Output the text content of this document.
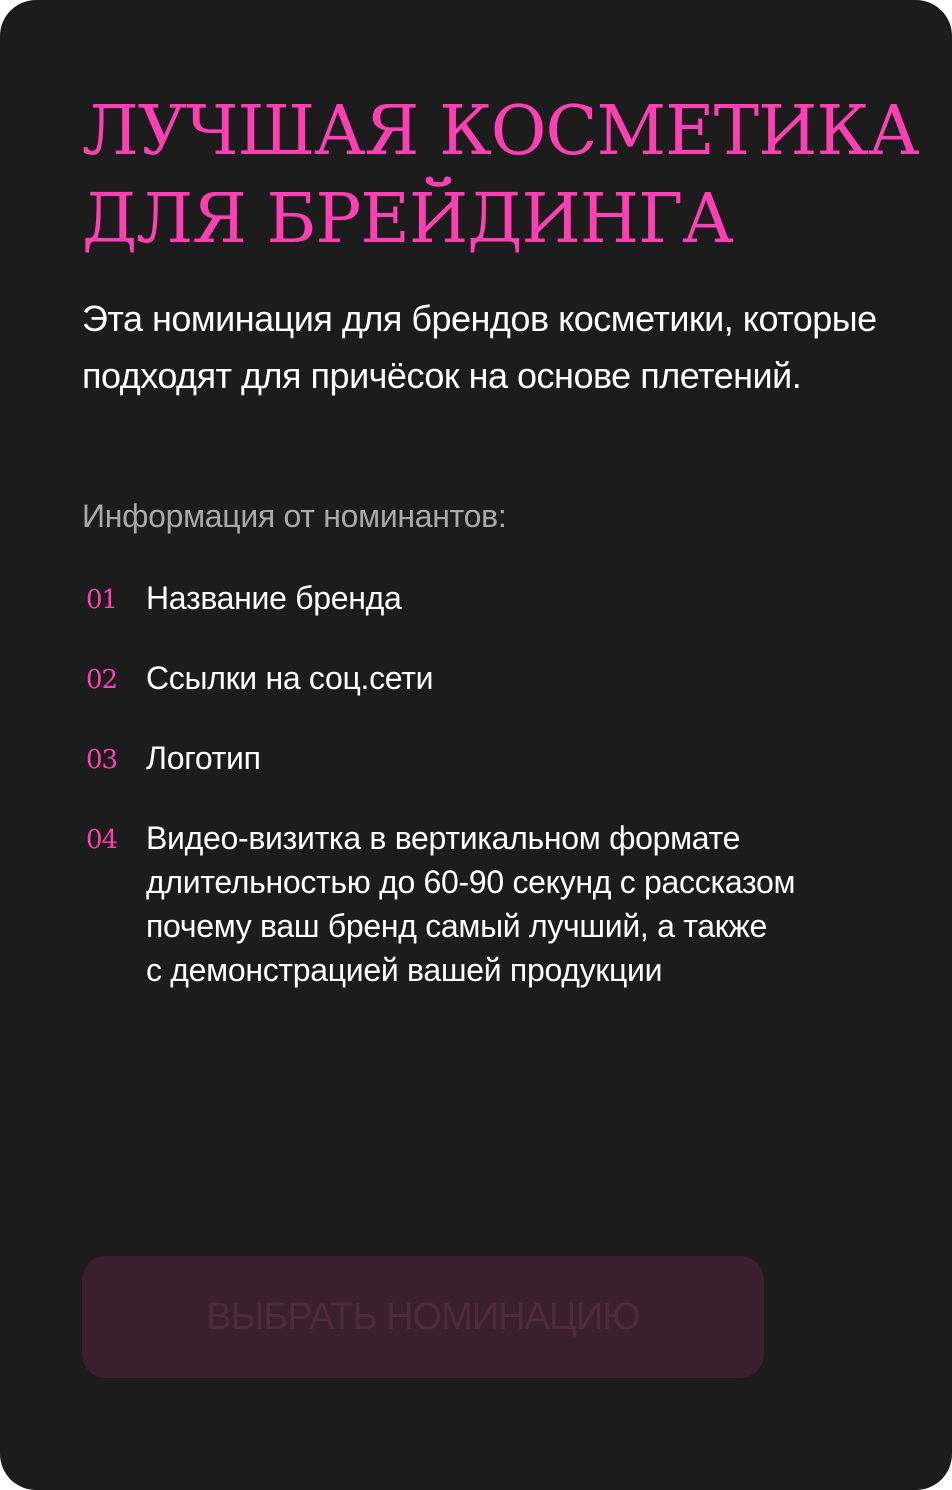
ЛУЧШАЯ КОСМЕТИКА
ДЛЯ БРЕЙДИНГА

Эта номинация для брендов косметики, которые подходят для причёсок на основе плетений.

Информация от номинантов:
01 Название бренда
02 Ссылки на соц.сети
03 Логотип
04 Видео-визитка в вертикальном формате
длительностью до 60-90 секунд с рассказом
почему ваш бренд самый лучший, а также
с демонстрацией вашей продукции
ВЫБРАТЬ НОМИНАЦИЮ
